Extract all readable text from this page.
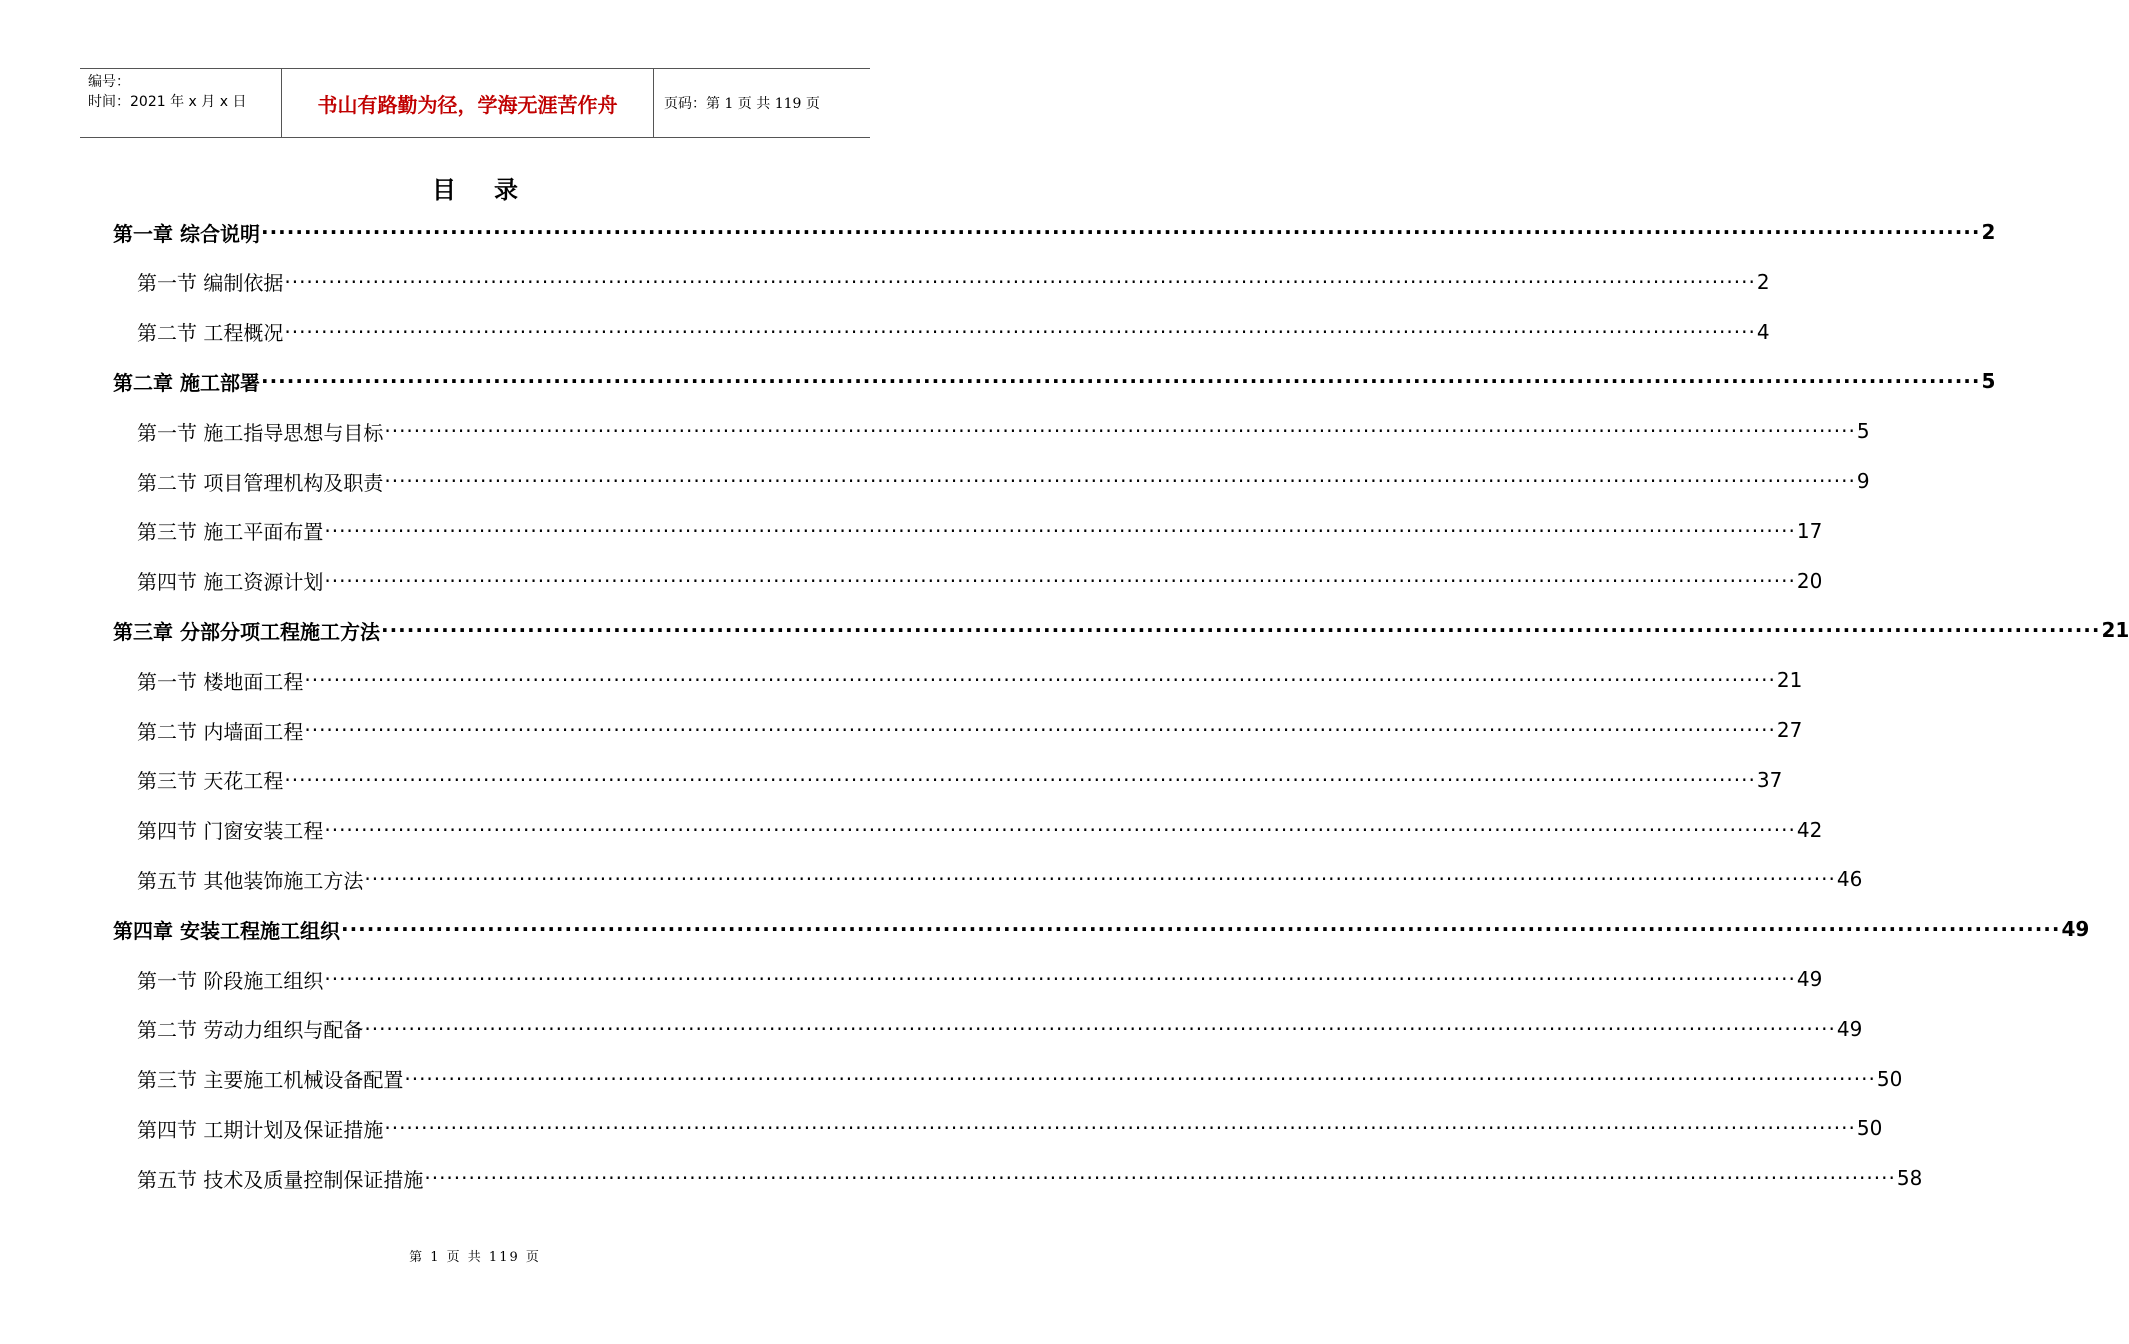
编号：
时间：2021 年 x 月 x 日	书山有路勤为径，学海无涯苦作舟	页码：第 1 页 共 119 页
目录
第一章 综合说明 ········································································································································································································ 2
第一节 编制依据 ········································································································································································································ 2
第二节 工程概况 ········································································································································································································ 4
第二章 施工部署 ········································································································································································································ 5
第一节 施工指导思想与目标 ········································································································································································································ 5
第二节 项目管理机构及职责 ········································································································································································································ 9
第三节 施工平面布置 ········································································································································································································ 17
第四节 施工资源计划 ········································································································································································································ 20
第三章 分部分项工程施工方法 ········································································································································································································ 21
第一节 楼地面工程 ········································································································································································································ 21
第二节 内墙面工程 ········································································································································································································ 27
第三节 天花工程 ········································································································································································································ 37
第四节 门窗安装工程 ········································································································································································································ 42
第五节 其他装饰施工方法 ········································································································································································································ 46
第四章 安装工程施工组织 ········································································································································································································ 49
第一节 阶段施工组织 ········································································································································································································ 49
第二节 劳动力组织与配备 ········································································································································································································ 49
第三节 主要施工机械设备配置 ········································································································································································································ 50
第四节 工期计划及保证措施 ········································································································································································································ 50
第五节 技术及质量控制保证措施 ········································································································································································································ 58
第 1 页 共 119 页
